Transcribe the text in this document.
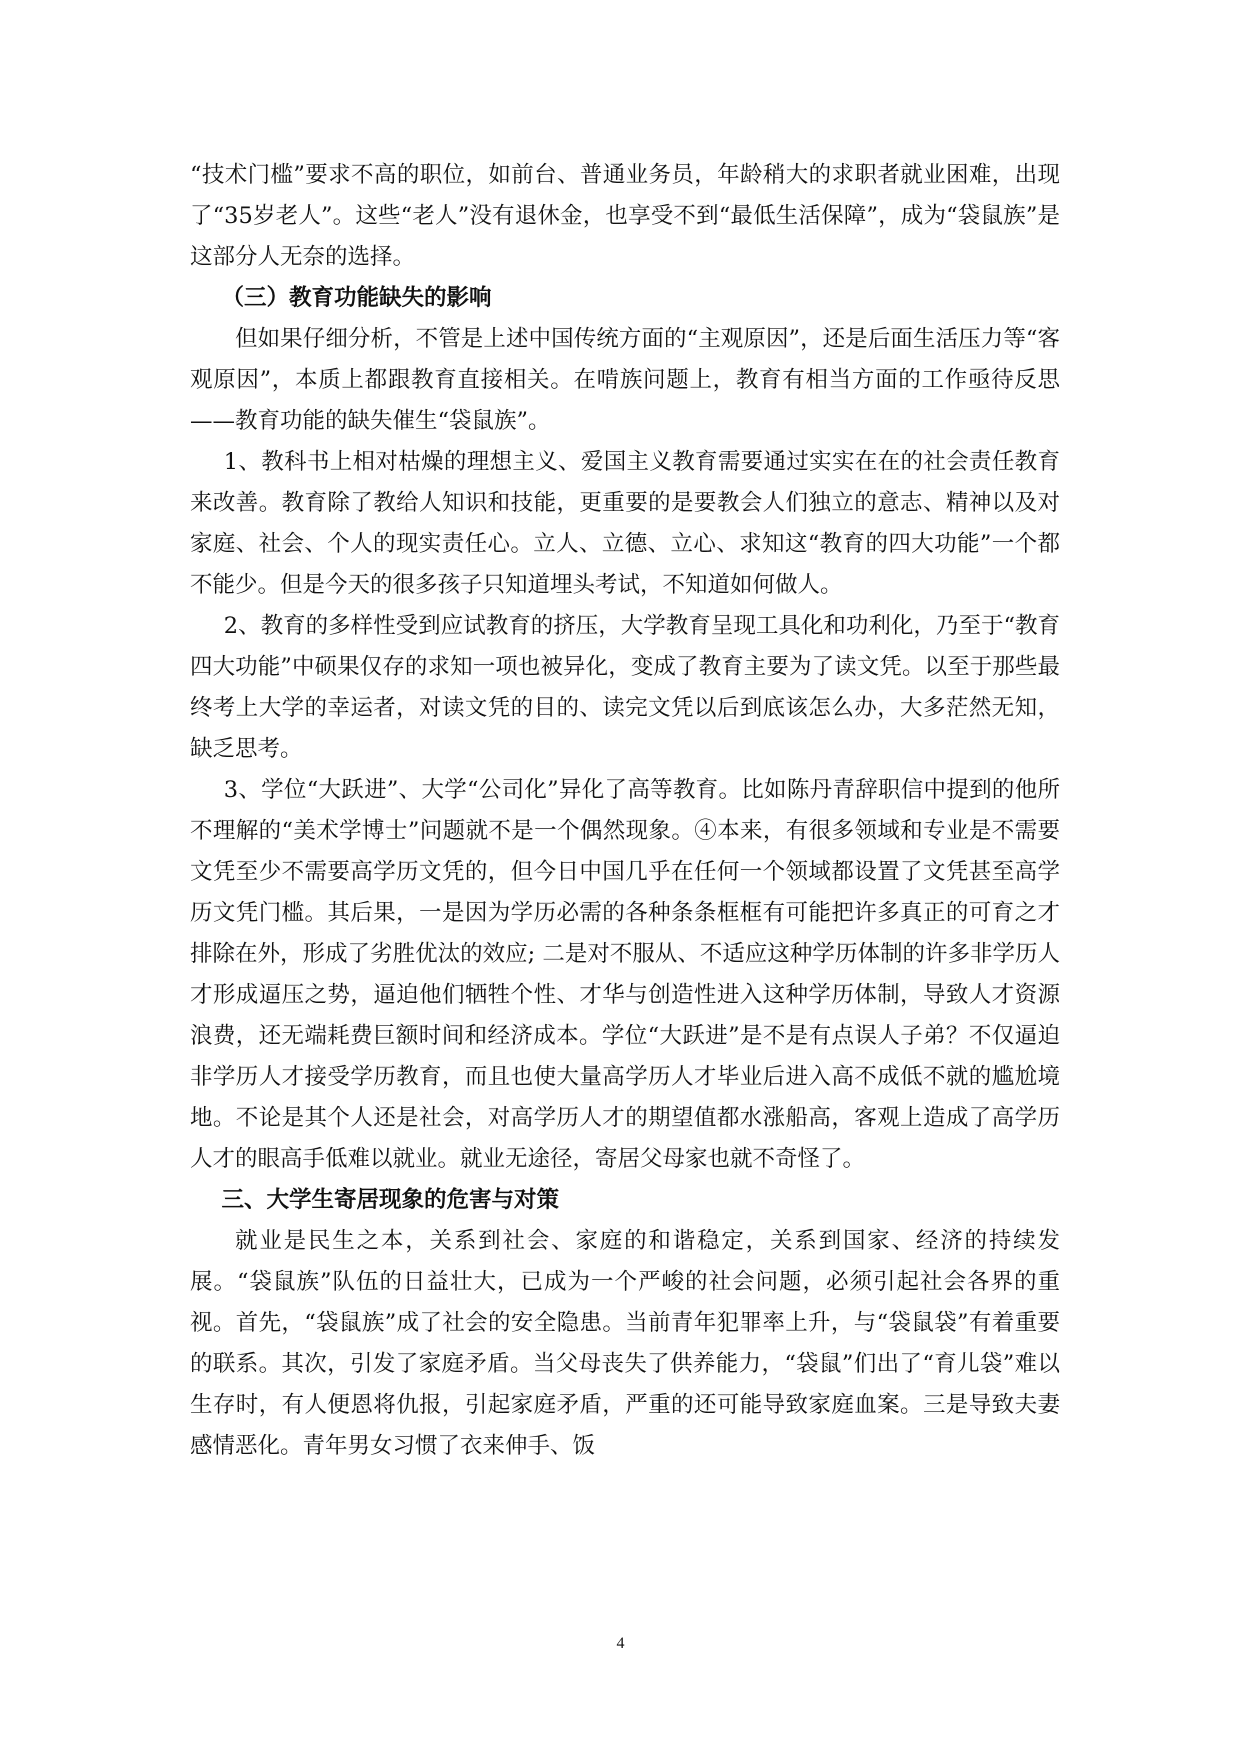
“技术门槛”要求不高的职位，如前台、普通业务员，年龄稍大的求职者就业困难，出现了“35岁老人”。这些“老人”没有退休金，也享受不到“最低生活保障”，成为“袋鼠族”是这部分人无奈的选择。

（三）教育功能缺失的影响

但如果仔细分析，不管是上述中国传统方面的“主观原因”，还是后面生活压力等“客观原因”，本质上都跟教育直接相关。在啃族问题上，教育有相当方面的工作亟待反思——教育功能的缺失催生“袋鼠族”。

1、教科书上相对枯燥的理想主义、爱国主义教育需要通过实实在在的社会责任教育来改善。教育除了教给人知识和技能，更重要的是要教会人们独立的意志、精神以及对家庭、社会、个人的现实责任心。立人、立德、立心、求知这“教育的四大功能”一个都不能少。但是今天的很多孩子只知道埋头考试，不知道如何做人。

2、教育的多样性受到应试教育的挤压，大学教育呈现工具化和功利化，乃至于“教育四大功能”中硕果仅存的求知一项也被异化，变成了教育主要为了读文凭。以至于那些最终考上大学的幸运者，对读文凭的目的、读完文凭以后到底该怎么办，大多茫然无知，缺乏思考。

3、学位“大跃进”、大学“公司化”异化了高等教育。比如陈丹青辞职信中提到的他所不理解的“美术学博士”问题就不是一个偶然现象。④本来，有很多领域和专业是不需要文凭至少不需要高学历文凭的，但今日中国几乎在任何一个领域都设置了文凭甚至高学历文凭门槛。其后果，一是因为学历必需的各种条条框框有可能把许多真正的可育之才排除在外，形成了劣胜优汰的效应; 二是对不服从、不适应这种学历体制的许多非学历人才形成逼压之势，逼迫他们牺牲个性、才华与创造性进入这种学历体制，导致人才资源浪费，还无端耗费巨额时间和经济成本。学位“大跃进”是不是有点误人子弟？不仅逼迫非学历人才接受学历教育，而且也使大量高学历人才毕业后进入高不成低不就的尴尬境地。不论是其个人还是社会，对高学历人才的期望值都水涨船高，客观上造成了高学历人才的眼高手低难以就业。就业无途径，寄居父母家也就不奇怪了。

三、大学生寄居现象的危害与对策

就业是民生之本，关系到社会、家庭的和谐稳定，关系到国家、经济的持续发展。“袋鼠族”队伍的日益壮大，已成为一个严峻的社会问题，必须引起社会各界的重视。首先，“袋鼠族”成了社会的安全隐患。当前青年犯罪率上升，与“袋鼠袋”有着重要的联系。其次，引发了家庭矛盾。当父母丧失了供养能力，“袋鼠”们出了“育儿袋”难以生存时，有人便恩将仇报，引起家庭矛盾，严重的还可能导致家庭血案。三是导致夫妻感情恶化。青年男女习惯了衣来伸手、饭

4
